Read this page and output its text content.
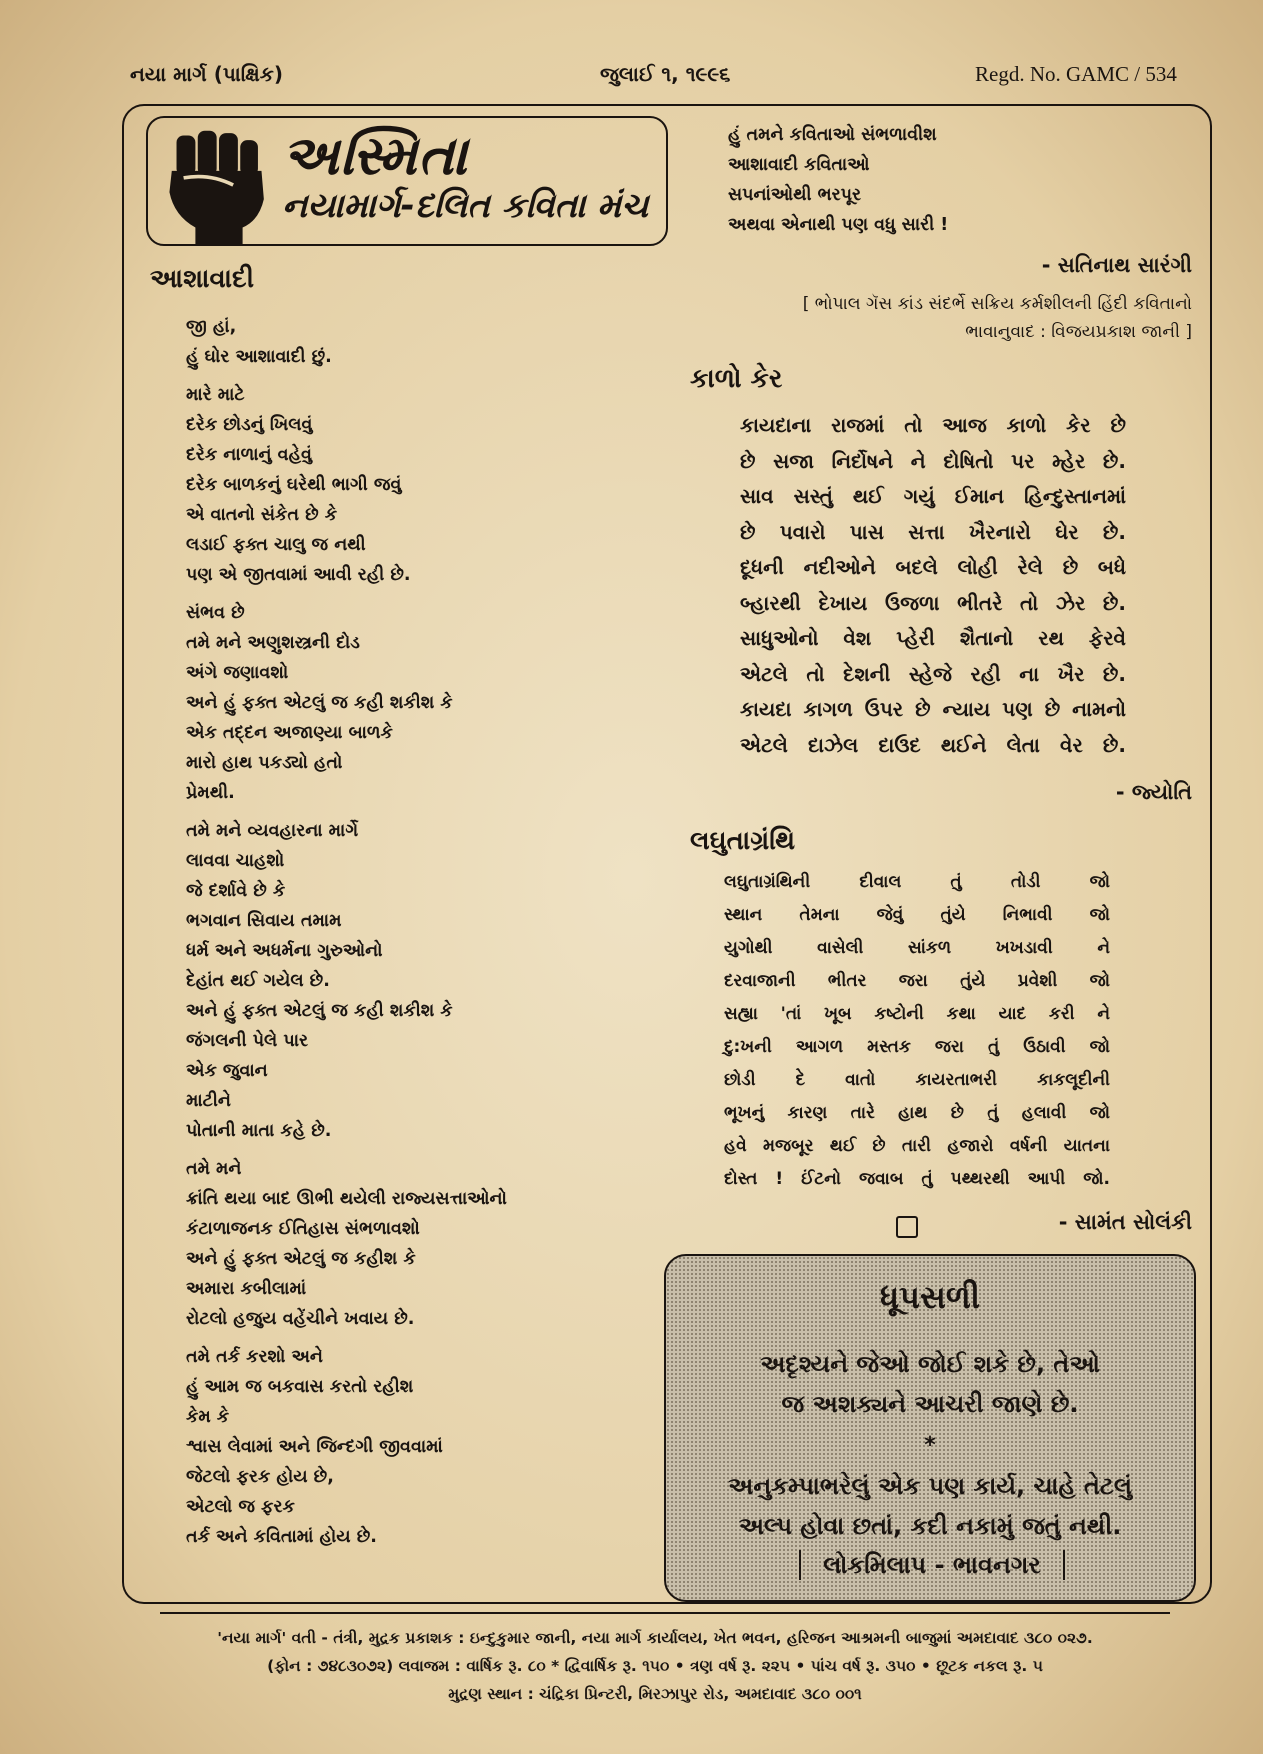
નયા માર્ગ (પાક્ષિક)	જુલાઈ ૧, ૧૯૯૬	Regd. No. GAMC / 534
અસ્મિતા
નયામાર્ગ-દલિત કવિતા મંચ
આશાવાદી
જી હાં,
હું ઘોર આશાવાદી છું.
મારે માટે
દરેક છોડનું ખિલવું
દરેક નાળાનું વહેવું
દરેક બાળકનું ઘરેથી ભાગી જવું
એ વાતનો સંકેત છે કે
લડાઈ ફક્ત ચાલુ જ નથી
પણ એ જીતવામાં આવી રહી છે.
સંભવ છે
તમે મને અણુશસ્ત્રની દોડ
અંગે જણાવશો
અને હું ફક્ત એટલું જ કહી શકીશ કે
એક તદ્દન અજાણ્યા બાળકે
મારો હાથ પકડ્યો હતો
પ્રેમથી.
તમે મને વ્યવહારના માર્ગે
લાવવા ચાહશો
જે દર્શાવે છે કે
ભગવાન સિવાય તમામ
ધર્મ અને અધર્મના ગુરુઓનો
દેહાંત થઈ ગયેલ છે.
અને હું ફક્ત એટલું જ કહી શકીશ કે
જંગલની પેલે પાર
એક જુવાન
માટીને
પોતાની માતા કહે છે.
તમે મને
ક્રાંતિ થયા બાદ ઊભી થયેલી રાજ્યસત્તાઓનો
કંટાળાજનક ઈતિહાસ સંભળાવશો
અને હું ફક્ત એટલું જ કહીશ કે
અમારા કબીલામાં
રોટલો હજુય વહેંચીને ખવાય છે.
તમે તર્ક કરશો અને
હું આમ જ બકવાસ કરતો રહીશ
કેમ કે
શ્વાસ લેવામાં અને જિન્દગી જીવવામાં
જેટલો ફરક હોય છે,
એટલો જ ફરક
તર્ક અને કવિતામાં હોય છે.
હું તમને કવિતાઓ સંભળાવીશ
આશાવાદી કવિતાઓ
સપનાંઓથી ભરપૂર
અથવા એનાથી પણ વધુ સારી !
- સતિનાથ સારંગી
[ ભોપાલ ગૅસ કાંડ સંદર્ભે સક્રિય કર્મશીલની હિંદી કવિતાનો
ભાવાનુવાદ : વિજયપ્રકાશ જાની ]
કાળો કેર
કાયદાના રાજમાં તો આજ કાળો કેર છે
છે સજા નિર્દોષને ને દોષિતો પર મ્હેર છે.
સાવ સસ્તું થઈ ગયું ઈમાન હિન્દુસ્તાનમાં
છે પવારો પાસ સત્તા ખૈરનારો ઘેર છે.
દૂધની નદીઓને બદલે લોહી રેલે છે બધે
બ્હારથી દેખાય ઉજળા ભીતરે તો ઝેર છે.
સાધુઓનો વેશ પ્હેરી શૈતાનો રથ ફેરવે
એટલે તો દેશની સ્હેજે રહી ના ખૈર છે.
કાયદા કાગળ ઉપર છે ન્યાય પણ છે નામનો
એટલે દાઝેલ દાઉદ થઈને લેતા વેર છે.
- જ્યોતિ
લઘુતાગ્રંથિ
લઘુતાગ્રંથિની દીવાલ તું તોડી જો
સ્થાન તેમના જેવું તુંયે નિભાવી જો
યુગોથી વાસેલી સાંકળ ખખડાવી ને
દરવાજાની ભીતર જરા તુંયે પ્રવેશી જો
સહ્યા 'તાં ખૂબ કષ્ટોની કથા યાદ કરી ને
દુ:ખની આગળ મસ્તક જરા તું ઉઠાવી જો
છોડી દે વાતો કાયરતાભરી કાકલૂદીની
ભૂખનું કારણ તારે હાથ છે તું હલાવી જો
હવે મજબૂર થઈ છે તારી હજારો વર્ષની યાતના
દોસ્ત ! ઈંટનો જવાબ તું પથ્થરથી આપી જો.
- સામંત સોલંકી
ધૂપસળી
અદૃશ્યને જેઓ જોઈ શકે છે, તેઓ
જ અશક્યને આચરી જાણે છે.
*
અનુકમ્પાભરેલું એક પણ કાર્ય, ચાહે તેટલું
અલ્પ હોવા છતાં, કદી નકામું જતું નથી.
લોકમિલાપ - ભાવનગર
'નયા માર્ગ' વતી - તંત્રી, મુદ્રક પ્રકાશક : ઇન્દુકુમાર જાની, નયા માર્ગ કાર્યાલય, ખેત ભવન, હરિજન આશ્રમની બાજુમાં અમદાવાદ ૩૮૦ ૦૨૭.
(ફોન : ૭૪૮૩૦૭૨) લવાજમ : વાર્ષિક રૂ. ૮૦ * દ્વિવાર્ષિક રૂ. ૧૫૦ • ત્રણ વર્ષ રૂ. ૨૨૫ • પાંચ વર્ષ રૂ. ૩૫૦ • છૂટક નકલ રૂ. ૫
મુદ્રણ સ્થાન : ચંદ્રિકા પ્રિન્ટરી, મિરઝાપુર રોડ, અમદાવાદ ૩૮૦ ૦૦૧
